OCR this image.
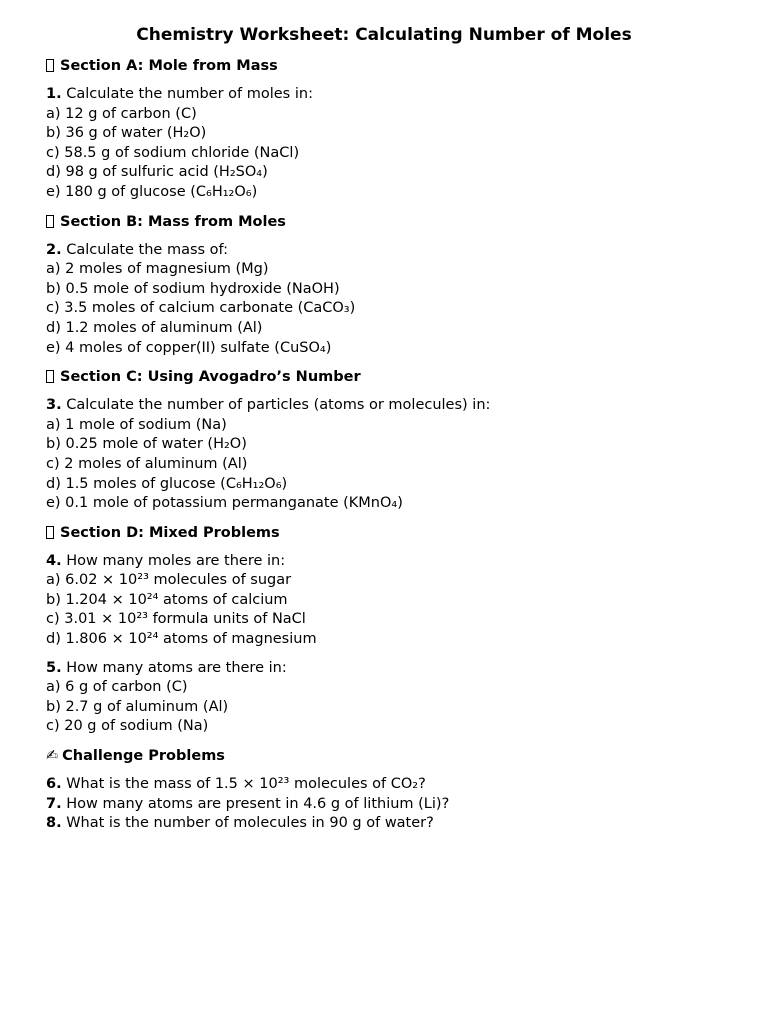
Chemistry Worksheet: Calculating Number of Moles
Section A: Mole from Mass
1. Calculate the number of moles in:
a) 12 g of carbon (C)
b) 36 g of water (H₂O)
c) 58.5 g of sodium chloride (NaCl)
d) 98 g of sulfuric acid (H₂SO₄)
e) 180 g of glucose (C₆H₁₂O₆)
Section B: Mass from Moles
2. Calculate the mass of:
a) 2 moles of magnesium (Mg)
b) 0.5 mole of sodium hydroxide (NaOH)
c) 3.5 moles of calcium carbonate (CaCO₃)
d) 1.2 moles of aluminum (Al)
e) 4 moles of copper(II) sulfate (CuSO₄)
Section C: Using Avogadro’s Number
3. Calculate the number of particles (atoms or molecules) in:
a) 1 mole of sodium (Na)
b) 0.25 mole of water (H₂O)
c) 2 moles of aluminum (Al)
d) 1.5 moles of glucose (C₆H₁₂O₆)
e) 0.1 mole of potassium permanganate (KMnO₄)
Section D: Mixed Problems
4. How many moles are there in:
a) 6.02 × 10²³ molecules of sugar
b) 1.204 × 10²⁴ atoms of calcium
c) 3.01 × 10²³ formula units of NaCl
d) 1.806 × 10²⁴ atoms of magnesium
5. How many atoms are there in:
a) 6 g of carbon (C)
b) 2.7 g of aluminum (Al)
c) 20 g of sodium (Na)
✍ Challenge Problems
6. What is the mass of 1.5 × 10²³ molecules of CO₂?
7. How many atoms are present in 4.6 g of lithium (Li)?
8. What is the number of molecules in 90 g of water?
